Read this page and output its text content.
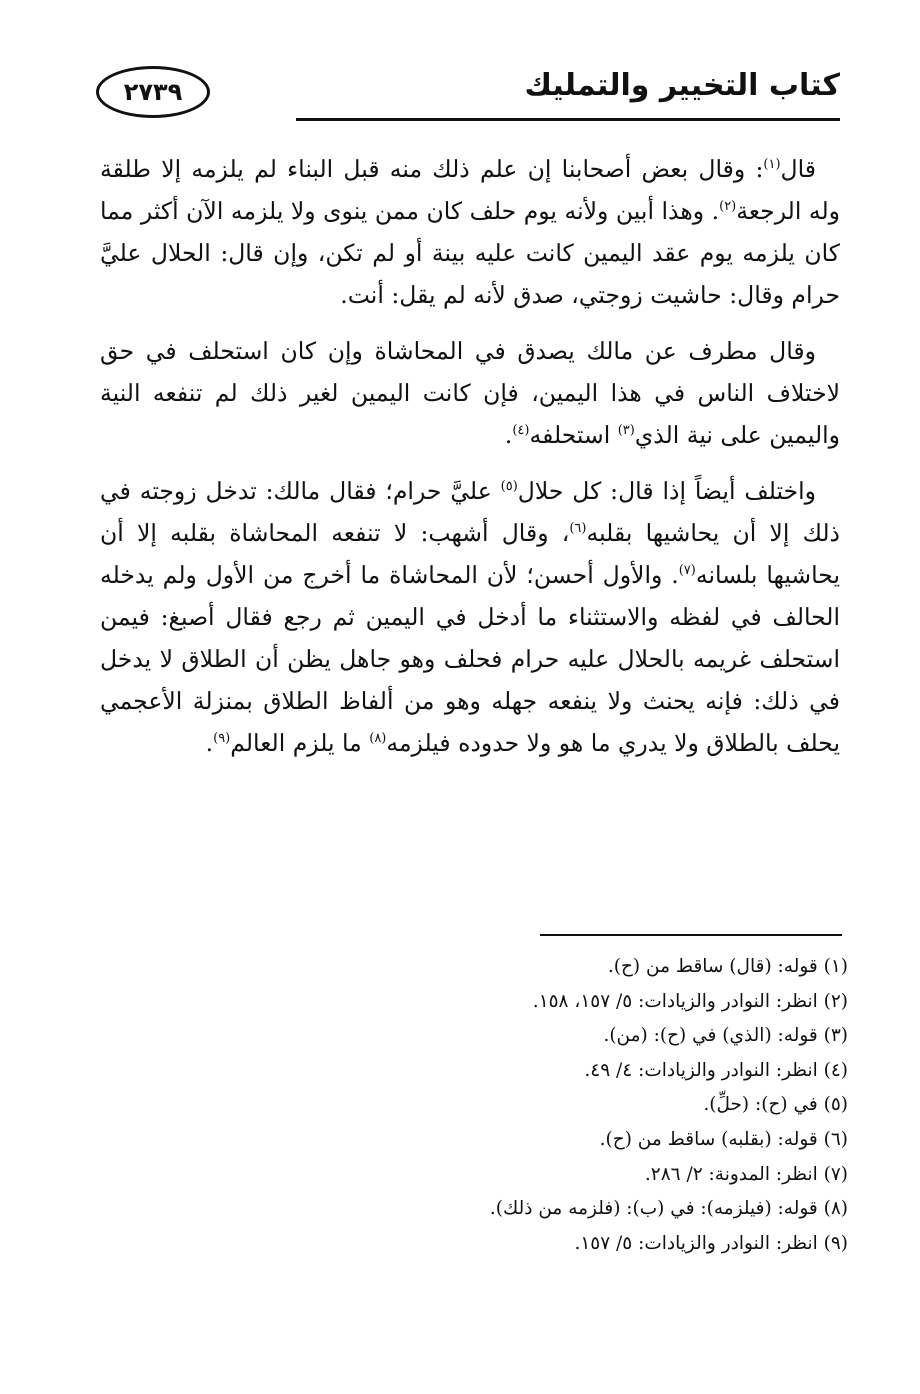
٢٧٣٩	كتاب التخيير والتمليك

قال$^{(١)}$: وقال بعض أصحابنا إن علم ذلك منه قبل البناء لم يلزمه إلا طلقة وله الرجعة$^{(٢)}$. وهذا أبين ولأنه يوم حلف كان ممن ينوى ولا يلزمه الآن أكثر مما كان يلزمه يوم عقد اليمين كانت عليه بينة أو لم تكن، وإن قال: الحلال عليَّ حرام وقال: حاشيت زوجتي، صدق لأنه لم يقل: أنت.

وقال مطرف عن مالك يصدق في المحاشاة وإن كان استحلف في حق لاختلاف الناس في هذا اليمين، فإن كانت اليمين لغير ذلك لم تنفعه النية واليمين على نية الذي$^{(٣)}$ استحلفه$^{(٤)}$.

واختلف أيضاً إذا قال: كل حلال$^{(٥)}$ عليَّ حرام؛ فقال مالك: تدخل زوجته في ذلك إلا أن يحاشيها بقلبه$^{(٦)}$، وقال أشهب: لا تنفعه المحاشاة بقلبه إلا أن يحاشيها بلسانه$^{(٧)}$. والأول أحسن؛ لأن المحاشاة ما أخرج من الأول ولم يدخله الحالف في لفظه والاستثناء ما أدخل في اليمين ثم رجع فقال أصبغ: فيمن استحلف غريمه بالحلال عليه حرام فحلف وهو جاهل يظن أن الطلاق لا يدخل في ذلك: فإنه يحنث ولا ينفعه جهله وهو من ألفاظ الطلاق بمنزلة الأعجمي يحلف بالطلاق ولا يدري ما هو ولا حدوده فيلزمه$^{(٨)}$ ما يلزم العالم$^{(٩)}$.

(١) قوله: (قال) ساقط من (ح).
(٢) انظر: النوادر والزيادات: ٥/ ١٥٧، ١٥٨.
(٣) قوله: (الذي) في (ح): (من).
(٤) انظر: النوادر والزيادات: ٤/ ٤٩.
(٥) في (ح): (حلِّ).
(٦) قوله: (بقلبه) ساقط من (ح).
(٧) انظر: المدونة: ٢/ ٢٨٦.
(٨) قوله: (فيلزمه): في (ب): (فلزمه من ذلك).
(٩) انظر: النوادر والزيادات: ٥/ ١٥٧.
